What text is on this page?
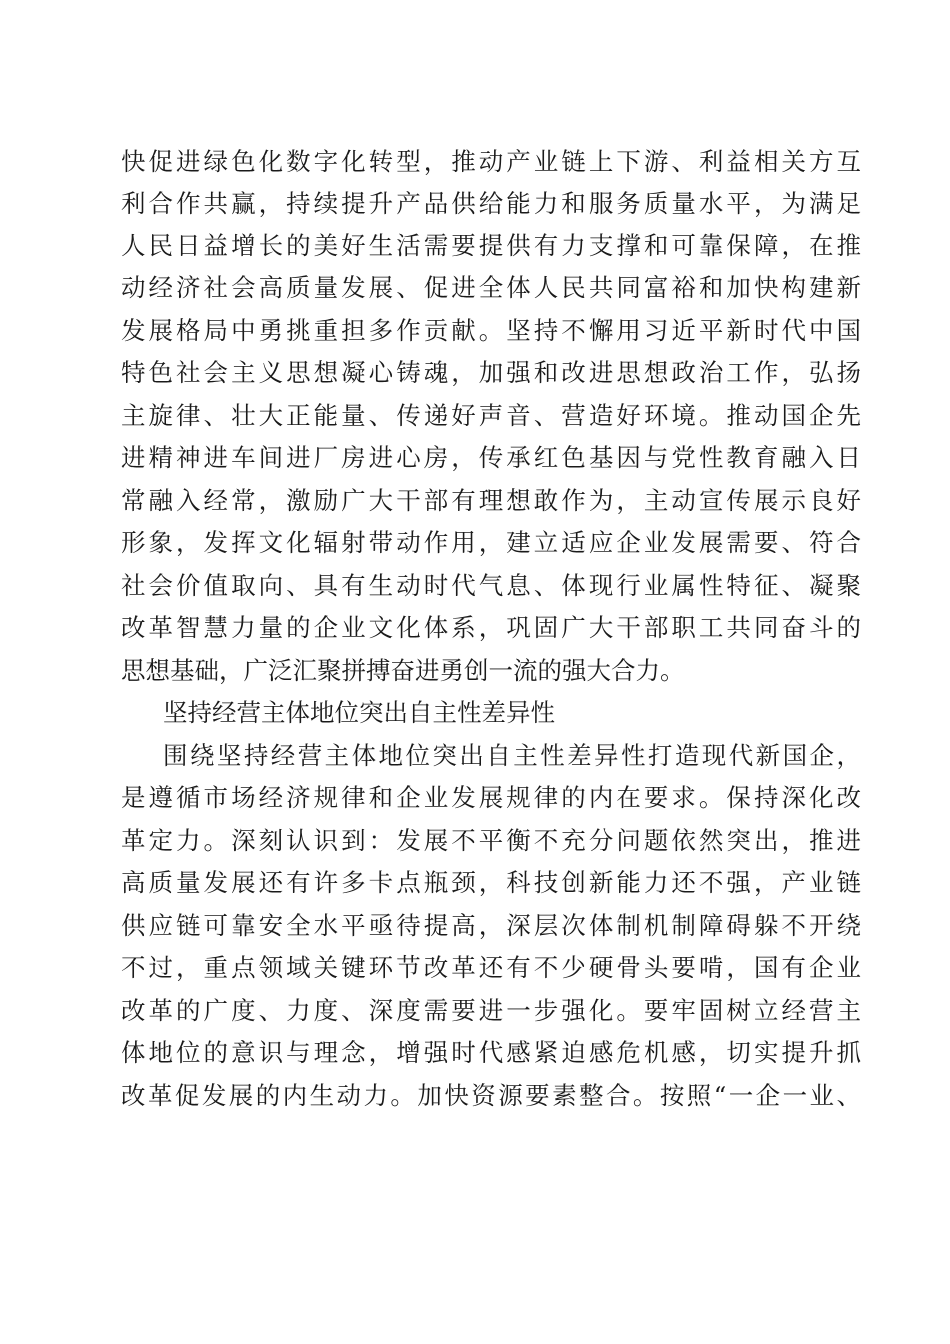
快促进绿色化数字化转型，推动产业链上下游、利益相关方互
利合作共赢，持续提升产品供给能力和服务质量水平，为满足
人民日益增长的美好生活需要提供有力支撑和可靠保障，在推
动经济社会高质量发展、促进全体人民共同富裕和加快构建新
发展格局中勇挑重担多作贡献。坚持不懈用习近平新时代中国
特色社会主义思想凝心铸魂，加强和改进思想政治工作，弘扬
主旋律、壮大正能量、传递好声音、营造好环境。推动国企先
进精神进车间进厂房进心房，传承红色基因与党性教育融入日
常融入经常，激励广大干部有理想敢作为，主动宣传展示良好
形象，发挥文化辐射带动作用，建立适应企业发展需要、符合
社会价值取向、具有生动时代气息、体现行业属性特征、凝聚
改革智慧力量的企业文化体系，巩固广大干部职工共同奋斗的
思想基础，广泛汇聚拼搏奋进勇创一流的强大合力。
坚持经营主体地位突出自主性差异性
围绕坚持经营主体地位突出自主性差异性打造现代新国企，
是遵循市场经济规律和企业发展规律的内在要求。保持深化改
革定力。深刻认识到：发展不平衡不充分问题依然突出，推进
高质量发展还有许多卡点瓶颈，科技创新能力还不强，产业链
供应链可靠安全水平亟待提高，深层次体制机制障碍躲不开绕
不过，重点领域关键环节改革还有不少硬骨头要啃，国有企业
改革的广度、力度、深度需要进一步强化。要牢固树立经营主
体地位的意识与理念，增强时代感紧迫感危机感，切实提升抓
改革促发展的内生动力。加快资源要素整合。按照“一企一业、
